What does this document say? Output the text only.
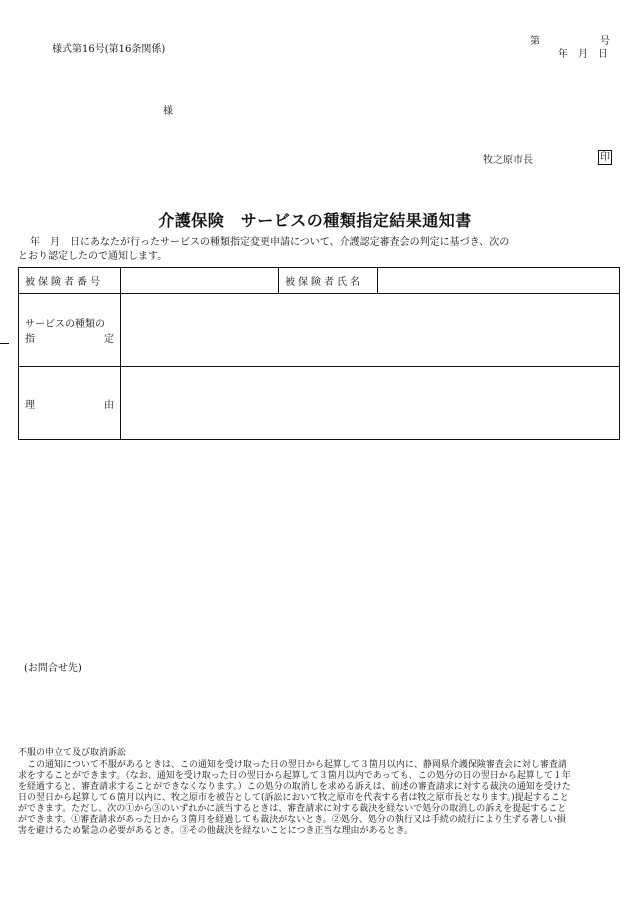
様式第16号(第16条関係)
第	号
年　月　日
様
牧之原市長	印
介護保険　サービスの種類指定結果通知書
年　月　日にあなたが行ったサービスの種類指定変更申請について、介護認定審査会の判定に基づき、次の
とおり認定したので通知します。
被保険者番号		被保険者氏名	

サービスの種類の
指 定			

理 由			

(お問合せ先)
不服の申立て及び取消訴訟
　この通知について不服があるときは、この通知を受け取った日の翌日から起算して３箇月以内に、静岡県介護保険審査会に対し審査請求をすることができます。（なお、通知を受け取った日の翌日から起算して３箇月以内であっても、この処分の日の翌日から起算して１年を経過すると、審査請求することができなくなります。）この処分の取消しを求める訴えは、前述の審査請求に対する裁決の通知を受けた日の翌日から起算して６箇月以内に、牧之原市を被告として(訴訟において牧之原市を代表する者は牧之原市長となります。)提起することができます。ただし、次の①から③のいずれかに該当するときは、審査請求に対する裁決を経ないで処分の取消しの訴えを提起することができます。①審査請求があった日から３箇月を経過しても裁決がないとき。②処分、処分の執行又は手続の続行により生ずる著しい損害を避けるため緊急の必要があるとき。③その他裁決を経ないことにつき正当な理由があるとき。
